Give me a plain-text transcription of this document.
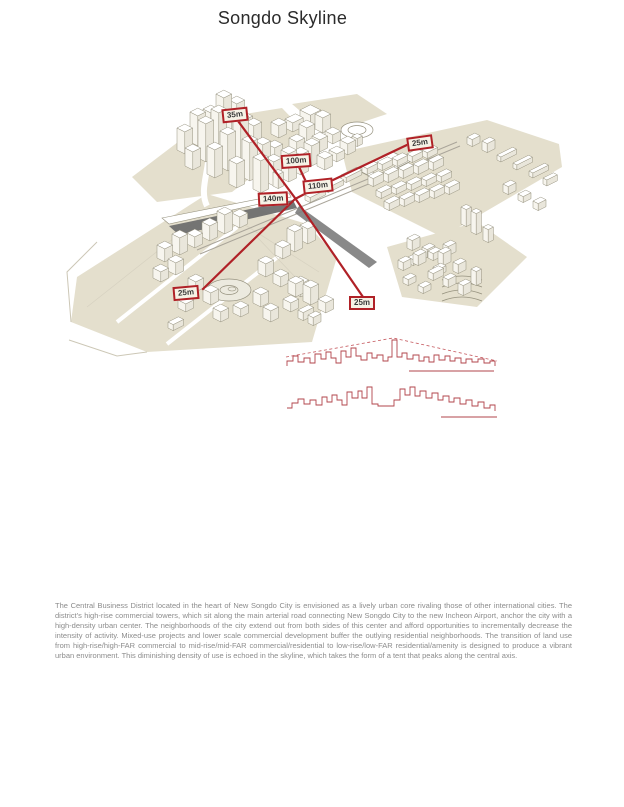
Songdo Skyline
35m
100m
25m
110m
140m
25m
25m
The Central Business District located in the heart of New Songdo City is envisioned as a lively urban core rivaling those of other international cities. The district's high-rise commercial towers, which sit along the main arterial road connecting New Songdo City to the new Incheon Airport, anchor the city with a high-density urban center. The neighborhoods of the city extend out from both sides of this center and afford opportunities to incrementally decrease the intensity of activity. Mixed-use projects and lower scale commercial development buffer the outlying residential neighborhoods. The transition of land use from high-rise/high-FAR commercial to mid-rise/mid-FAR commercial/residential to low-rise/low-FAR residential/amenity is designed to produce a vibrant urban environment. This diminishing density of use is echoed in the skyline, which takes the form of a tent that peaks along the central axis.
